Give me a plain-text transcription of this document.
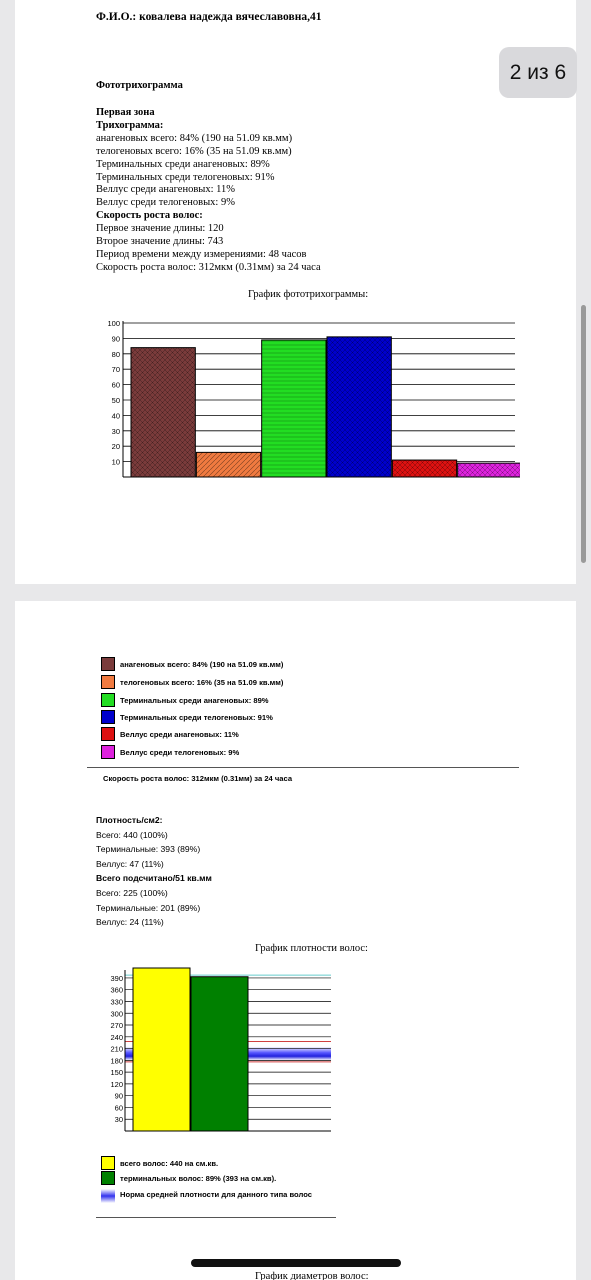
Ф.И.О.: ковалева надежда вячеславовна,41
Фототрихограмма
Первая зона
Трихограмма:
анагеновых всего: 84% (190 на 51.09 кв.мм)
телогеновых всего: 16% (35 на 51.09 кв.мм)
Терминальных среди анагеновых: 89%
Терминальных среди телогеновых: 91%
Веллус среди анагеновых: 11%
Веллус среди телогеновых: 9%
Скорость роста волос:
Первое значение длины: 120
Второе значение длины: 743
Период времени между измерениями: 48 часов
Скорость роста волос: 312мкм (0.31мм) за 24 часа
График фототрихограммы:
100
90
80
70
60
50
40
30
20
10
анагеновых всего: 84% (190 на 51.09 кв.мм)
телогеновых всего: 16% (35 на 51.09 кв.мм)
Терминальных среди анагеновых: 89%
Терминальных среди телогеновых: 91%
Веллус среди анагеновых: 11%
Веллус среди телогеновых: 9%
Скорость роста волос: 312мкм (0.31мм) за 24 часа
Плотность/см2:
Всего: 440 (100%)
Терминальные: 393 (89%)
Веллус: 47 (11%)
Всего подсчитано/51 кв.мм
Всего: 225 (100%)
Терминальные: 201 (89%)
Веллус: 24 (11%)
График плотности волос:
390
360
330
300
270
240
210
180
150
120
90
60
30
всего волос: 440 на см.кв.
терминальных волос: 89% (393 на см.кв).
Норма средней плотности для данного типа волос
График диаметров волос:
2 из 6
